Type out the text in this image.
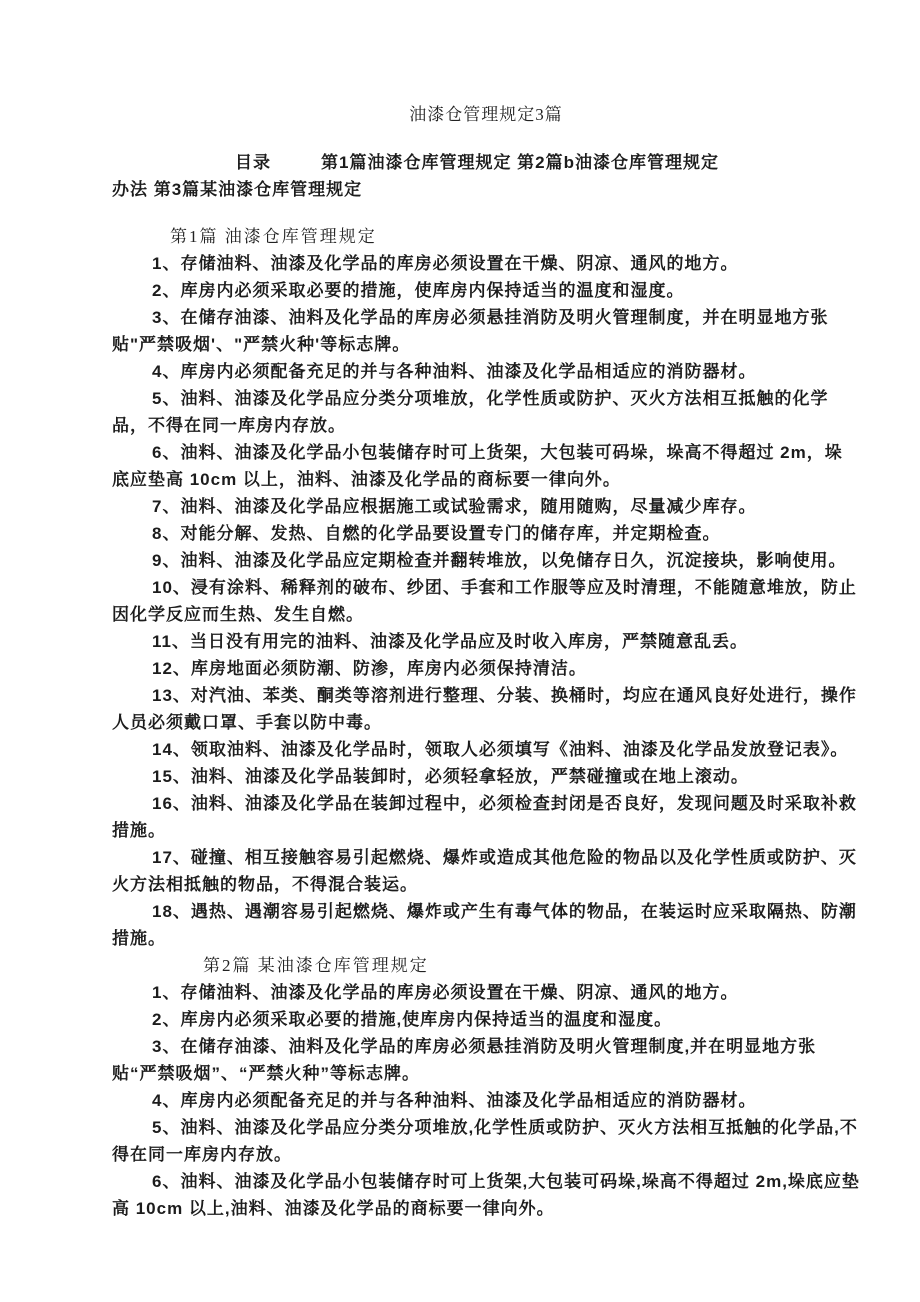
油漆仓管理规定3篇

目录	第1篇油漆仓库管理规定 第2篇b油漆仓库管理规定
办法 第3篇某油漆仓库管理规定

第1篇 油漆仓库管理规定

1、存储油料、油漆及化学品的库房必须设置在干燥、阴凉、通风的地方。

2、库房内必须采取必要的措施，使库房内保持适当的温度和湿度。

3、在储存油漆、油料及化学品的库房必须悬挂消防及明火管理制度，并在明显地方张贴"严禁吸烟'、"严禁火种'等标志牌。

4、库房内必须配备充足的并与各种油料、油漆及化学品相适应的消防器材。

5、油料、油漆及化学品应分类分项堆放，化学性质或防护、灭火方法相互抵触的化学品，不得在同一库房内存放。

6、油料、油漆及化学品小包装储存时可上货架，大包装可码垛，垛高不得超过 2m，垛底应垫高 10cm 以上，油料、油漆及化学品的商标要一律向外。

7、油料、油漆及化学品应根据施工或试验需求，随用随购，尽量减少库存。

8、对能分解、发热、自燃的化学品要设置专门的储存库，并定期检查。

9、油料、油漆及化学品应定期检查并翻转堆放，以免储存日久，沉淀接块，影响使用。

10、浸有涂料、稀释剂的破布、纱团、手套和工作服等应及时清理，不能随意堆放，防止因化学反应而生热、发生自燃。

11、当日没有用完的油料、油漆及化学品应及时收入库房，严禁随意乱丢。

12、库房地面必须防潮、防渗，库房内必须保持清洁。

13、对汽油、苯类、酮类等溶剂进行整理、分装、换桶时，均应在通风良好处进行，操作人员必须戴口罩、手套以防中毒。

14、领取油料、油漆及化学品时，领取人必须填写《油料、油漆及化学品发放登记表》。

15、油料、油漆及化学品装卸时，必须轻拿轻放，严禁碰撞或在地上滚动。

16、油料、油漆及化学品在装卸过程中，必须检查封闭是否良好，发现问题及时采取补救措施。

17、碰撞、相互接触容易引起燃烧、爆炸或造成其他危险的物品以及化学性质或防护、灭火方法相抵触的物品，不得混合装运。

18、遇热、遇潮容易引起燃烧、爆炸或产生有毒气体的物品，在装运时应采取隔热、防潮措施。

第2篇 某油漆仓库管理规定

1、存储油料、油漆及化学品的库房必须设置在干燥、阴凉、通风的地方。

2、库房内必须采取必要的措施,使库房内保持适当的温度和湿度。

3、在储存油漆、油料及化学品的库房必须悬挂消防及明火管理制度,并在明显地方张贴“严禁吸烟”、“严禁火种”等标志牌。

4、库房内必须配备充足的并与各种油料、油漆及化学品相适应的消防器材。

5、油料、油漆及化学品应分类分项堆放,化学性质或防护、灭火方法相互抵触的化学品,不得在同一库房内存放。

6、油料、油漆及化学品小包装储存时可上货架,大包装可码垛,垛高不得超过 2m,垛底应垫高 10cm 以上,油料、油漆及化学品的商标要一律向外。
